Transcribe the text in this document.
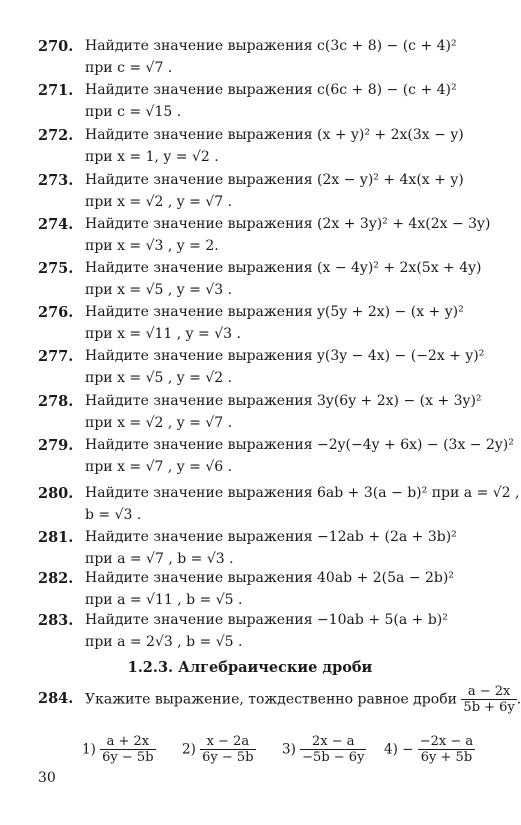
270. Найдите значение выражения c(3c + 8) − (c + 4)²
при c = √7 .
271. Найдите значение выражения c(6c + 8) − (c + 4)²
при c = √15 .
272. Найдите значение выражения (x + y)² + 2x(3x − y)
при x = 1, y = √2 .
273. Найдите значение выражения (2x − y)² + 4x(x + y)
при x = √2 , y = √7 .
274. Найдите значение выражения (2x + 3y)² + 4x(2x − 3y)
при x = √3 , y = 2.
275. Найдите значение выражения (x − 4y)² + 2x(5x + 4y)
при x = √5 , y = √3 .
276. Найдите значение выражения y(5y + 2x) − (x + y)²
при x = √11 , y = √3 .
277. Найдите значение выражения y(3y − 4x) − (−2x + y)²
при x = √5 , y = √2 .
278. Найдите значение выражения 3y(6y + 2x) − (x + 3y)²
при x = √2 , y = √7 .
279. Найдите значение выражения −2y(−4y + 6x) − (3x − 2y)²
при x = √7 , y = √6 .
280. Найдите значение выражения 6ab + 3(a − b)² при a = √2 ,
b = √3 .
281. Найдите значение выражения −12ab + (2a + 3b)²
при a = √7 , b = √3 .
282. Найдите значение выражения 40ab + 2(5a − 2b)²
при a = √11 , b = √5 .
283. Найдите значение выражения −10ab + 5(a + b)²
при a = 2√3 , b = √5 .
1.2.3. Алгебраические дроби
284. Укажите выражение, тождественно равное дроби $\frac{a - 2x}{5b + 6y}$ .
$1) \frac{a + 2x}{6y - 5b} 2) \frac{x - 2a}{6y - 5b} 3) \frac{2x - a}{-5b - 6y} 4) - \frac{-2x - a}{6y + 5b}$
30
